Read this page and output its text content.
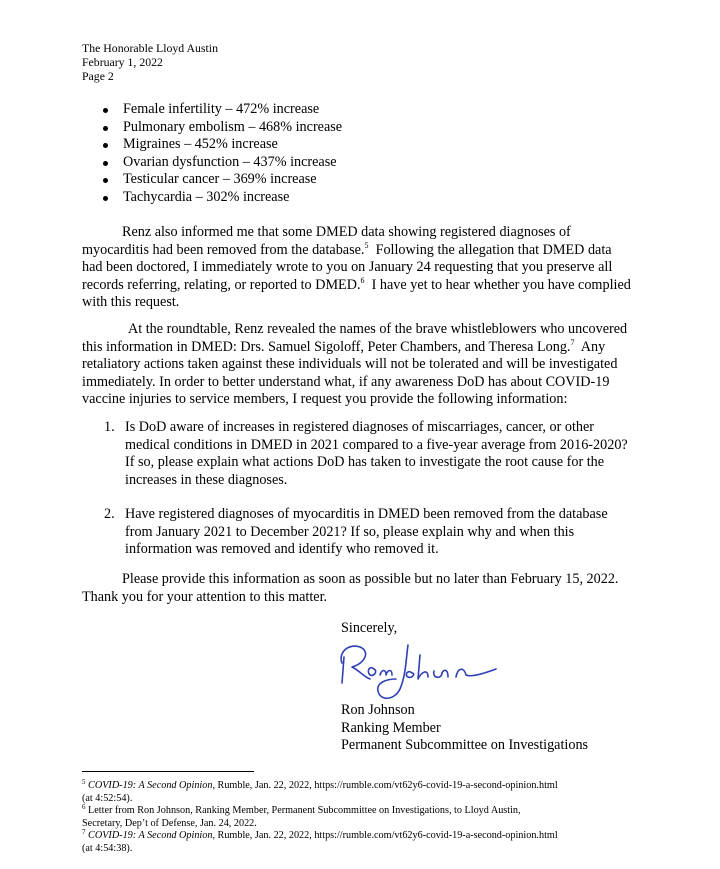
The Honorable Lloyd Austin
February 1, 2022
Page 2
Female infertility – 472% increase
Pulmonary embolism – 468% increase
Migraines – 452% increase
Ovarian dysfunction – 437% increase
Testicular cancer – 369% increase
Tachycardia – 302% increase
Renz also informed me that some DMED data showing registered diagnoses of
myocarditis had been removed from the database.$^5$  Following the allegation that DMED data
had been doctored, I immediately wrote to you on January 24 requesting that you preserve all
records referring, relating, or reported to DMED.$^6$  I have yet to hear whether you have complied
with this request.
At the roundtable, Renz revealed the names of the brave whistleblowers who uncovered
this information in DMED: Drs. Samuel Sigoloff, Peter Chambers, and Theresa Long.$^7$  Any
retaliatory actions taken against these individuals will not be tolerated and will be investigated
immediately. In order to better understand what, if any awareness DoD has about COVID-19
vaccine injuries to service members, I request you provide the following information:
1. Is DoD aware of increases in registered diagnoses of miscarriages, cancer, or other
medical conditions in DMED in 2021 compared to a five-year average from 2016-2020?
If so, please explain what actions DoD has taken to investigate the root cause for the
increases in these diagnoses.
2. Have registered diagnoses of myocarditis in DMED been removed from the database
from January 2021 to December 2021? If so, please explain why and when this
information was removed and identify who removed it.
Please provide this information as soon as possible but no later than February 15, 2022.
Thank you for your attention to this matter.
Sincerely,
Ron Johnson
Ranking Member
Permanent Subcommittee on Investigations
$^5$ COVID-19: A Second Opinion, Rumble, Jan. 22, 2022, https://rumble.com/vt62y6-covid-19-a-second-opinion.html
(at 4:52:54).
$^6$ Letter from Ron Johnson, Ranking Member, Permanent Subcommittee on Investigations, to Lloyd Austin,
Secretary, Dep’t of Defense, Jan. 24, 2022.
$^7$ COVID-19: A Second Opinion, Rumble, Jan. 22, 2022, https://rumble.com/vt62y6-covid-19-a-second-opinion.html
(at 4:54:38).
